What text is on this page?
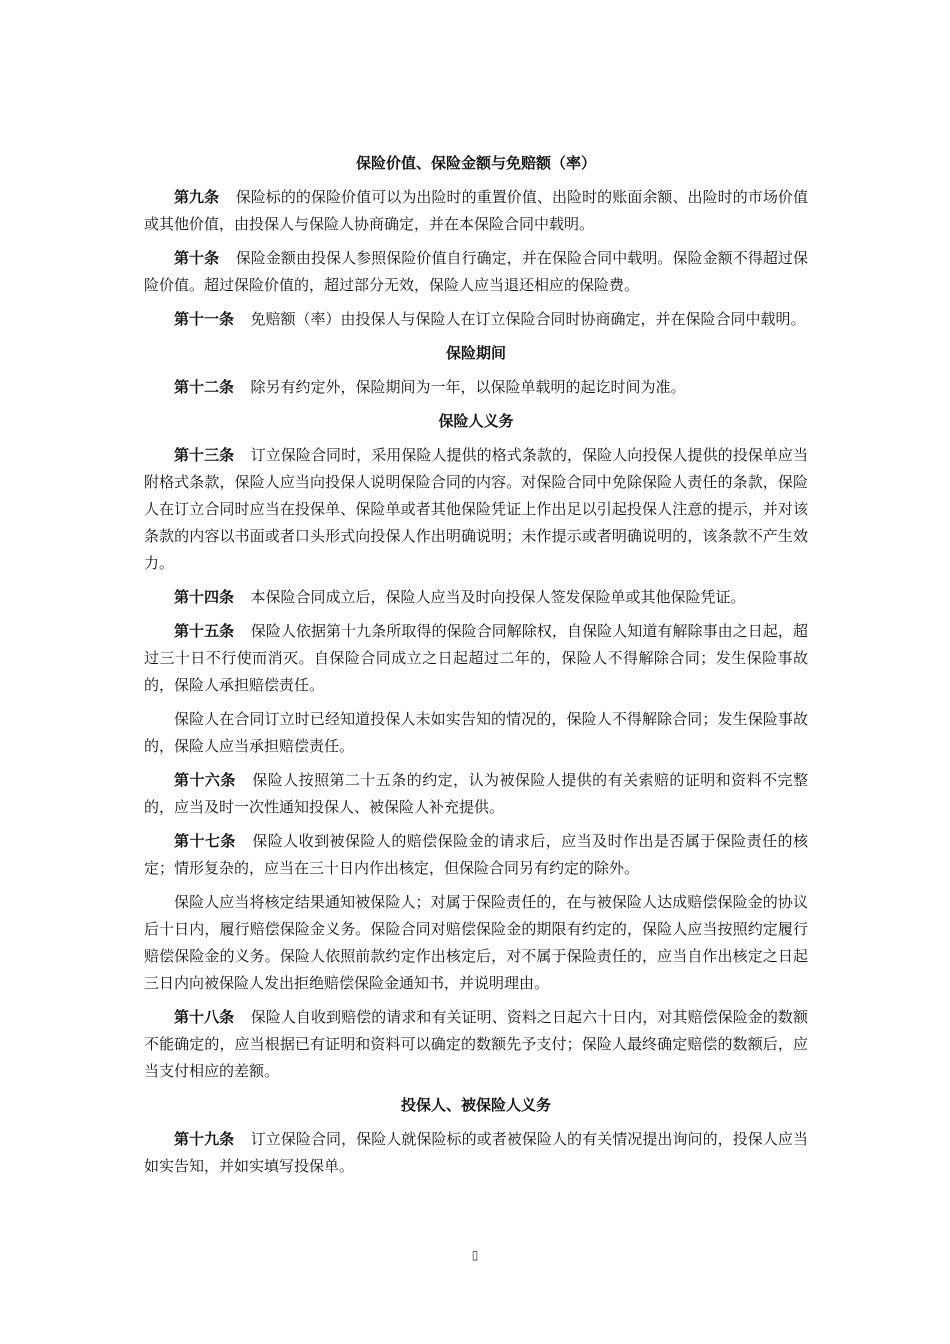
保险价值、保险金额与免赔额（率）

第九条 保险标的的保险价值可以为出险时的重置价值、出险时的账面余额、出险时的市场价值或其他价值，由投保人与保险人协商确定，并在本保险合同中载明。

第十条 保险金额由投保人参照保险价值自行确定，并在保险合同中载明。保险金额不得超过保险价值。超过保险价值的，超过部分无效，保险人应当退还相应的保险费。

第十一条 免赔额（率）由投保人与保险人在订立保险合同时协商确定，并在保险合同中载明。

保险期间

第十二条 除另有约定外，保险期间为一年，以保险单载明的起讫时间为准。

保险人义务

第十三条 订立保险合同时，采用保险人提供的格式条款的，保险人向投保人提供的投保单应当附格式条款，保险人应当向投保人说明保险合同的内容。对保险合同中免除保险人责任的条款，保险人在订立合同时应当在投保单、保险单或者其他保险凭证上作出足以引起投保人注意的提示，并对该条款的内容以书面或者口头形式向投保人作出明确说明；未作提示或者明确说明的，该条款不产生效力。

第十四条 本保险合同成立后，保险人应当及时向投保人签发保险单或其他保险凭证。

第十五条 保险人依据第十九条所取得的保险合同解除权，自保险人知道有解除事由之日起，超过三十日不行使而消灭。自保险合同成立之日起超过二年的，保险人不得解除合同；发生保险事故的，保险人承担赔偿责任。

保险人在合同订立时已经知道投保人未如实告知的情况的，保险人不得解除合同；发生保险事故的，保险人应当承担赔偿责任。

第十六条 保险人按照第二十五条的约定，认为被保险人提供的有关索赔的证明和资料不完整的，应当及时一次性通知投保人、被保险人补充提供。

第十七条 保险人收到被保险人的赔偿保险金的请求后，应当及时作出是否属于保险责任的核定；情形复杂的，应当在三十日内作出核定，但保险合同另有约定的除外。

保险人应当将核定结果通知被保险人；对属于保险责任的，在与被保险人达成赔偿保险金的协议后十日内，履行赔偿保险金义务。保险合同对赔偿保险金的期限有约定的，保险人应当按照约定履行赔偿保险金的义务。保险人依照前款约定作出核定后，对不属于保险责任的，应当自作出核定之日起三日内向被保险人发出拒绝赔偿保险金通知书，并说明理由。

第十八条 保险人自收到赔偿的请求和有关证明、资料之日起六十日内，对其赔偿保险金的数额不能确定的，应当根据已有证明和资料可以确定的数额先予支付；保险人最终确定赔偿的数额后，应当支付相应的差额。

投保人、被保险人义务

第十九条 订立保险合同，保险人就保险标的或者被保险人的有关情况提出询问的，投保人应当如实告知，并如实填写投保单。

▯
